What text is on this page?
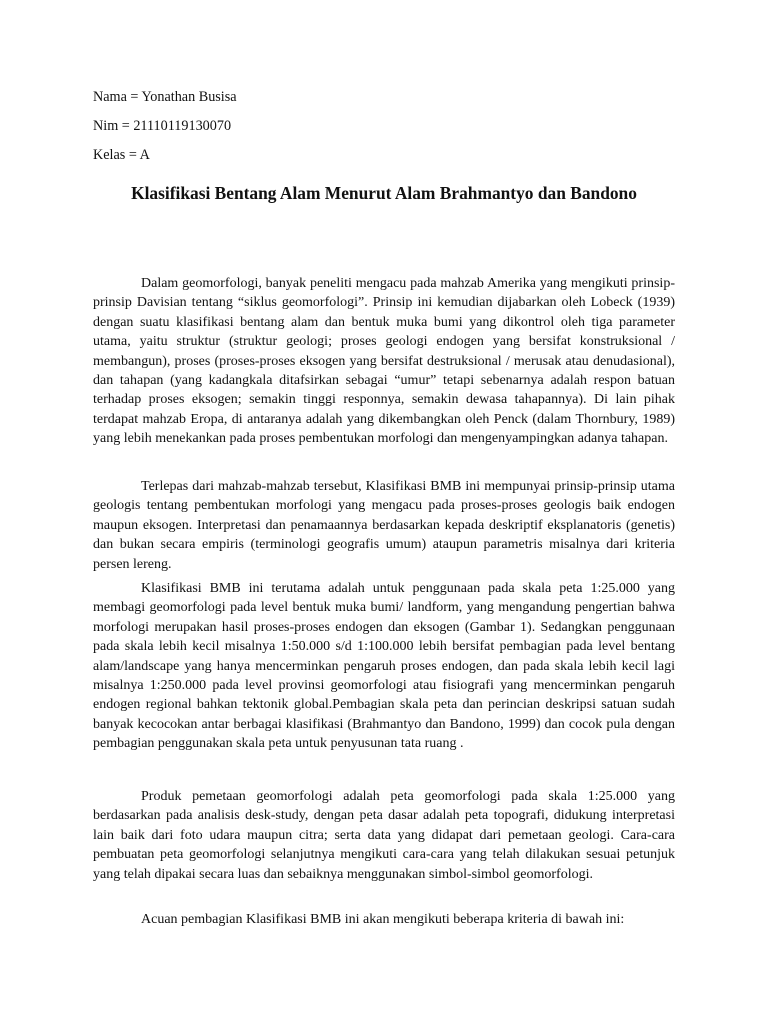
Nama = Yonathan Busisa
Nim = 21110119130070
Kelas = A
Klasifikasi Bentang Alam Menurut Alam Brahmantyo dan Bandono

Dalam geomorfologi, banyak peneliti mengacu pada mahzab Amerika yang mengikuti prinsip-prinsip Davisian tentang “siklus geomorfologi”. Prinsip ini kemudian dijabarkan oleh Lobeck (1939) dengan suatu klasifikasi bentang alam dan bentuk muka bumi yang dikontrol oleh tiga parameter utama, yaitu struktur (struktur geologi; proses geologi endogen yang bersifat konstruksional / membangun), proses (proses-proses eksogen yang bersifat destruksional / merusak atau denudasional), dan tahapan (yang kadangkala ditafsirkan sebagai “umur” tetapi sebenarnya adalah respon batuan terhadap proses eksogen; semakin tinggi responnya, semakin dewasa tahapannya). Di lain pihak terdapat mahzab Eropa, di antaranya adalah yang dikembangkan oleh Penck (dalam Thornbury, 1989) yang lebih menekankan pada proses pembentukan morfologi dan mengenyampingkan adanya tahapan.

Terlepas dari mahzab-mahzab tersebut, Klasifikasi BMB ini mempunyai prinsip-prinsip utama geologis tentang pembentukan morfologi yang mengacu pada proses-proses geologis baik endogen maupun eksogen. Interpretasi dan penamaannya berdasarkan kepada deskriptif eksplanatoris (genetis) dan bukan secara empiris (terminologi geografis umum) ataupun parametris misalnya dari kriteria persen lereng.

Klasifikasi BMB ini terutama adalah untuk penggunaan pada skala peta 1:25.000 yang membagi geomorfologi pada level bentuk muka bumi/ landform, yang mengandung pengertian bahwa morfologi merupakan hasil proses-proses endogen dan eksogen (Gambar 1). Sedangkan penggunaan pada skala lebih kecil misalnya 1:50.000 s/d 1:100.000 lebih bersifat pembagian pada level bentang alam/landscape yang hanya mencerminkan pengaruh proses endogen, dan pada skala lebih kecil lagi misalnya 1:250.000 pada level provinsi geomorfologi atau fisiografi yang mencerminkan pengaruh endogen regional bahkan tektonik global.Pembagian skala peta dan perincian deskripsi satuan sudah banyak kecocokan antar berbagai klasifikasi (Brahmantyo dan Bandono, 1999) dan cocok pula dengan pembagian penggunakan skala peta untuk penyusunan tata ruang .

Produk pemetaan geomorfologi adalah peta geomorfologi pada skala 1:25.000 yang berdasarkan pada analisis desk-study, dengan peta dasar adalah peta topografi, didukung interpretasi lain baik dari foto udara maupun citra; serta data yang didapat dari pemetaan geologi. Cara-cara pembuatan peta geomorfologi selanjutnya mengikuti cara-cara yang telah dilakukan sesuai petunjuk yang telah dipakai secara luas dan sebaiknya menggunakan simbol-simbol geomorfologi.

Acuan pembagian Klasifikasi BMB ini akan mengikuti beberapa kriteria di bawah ini:
